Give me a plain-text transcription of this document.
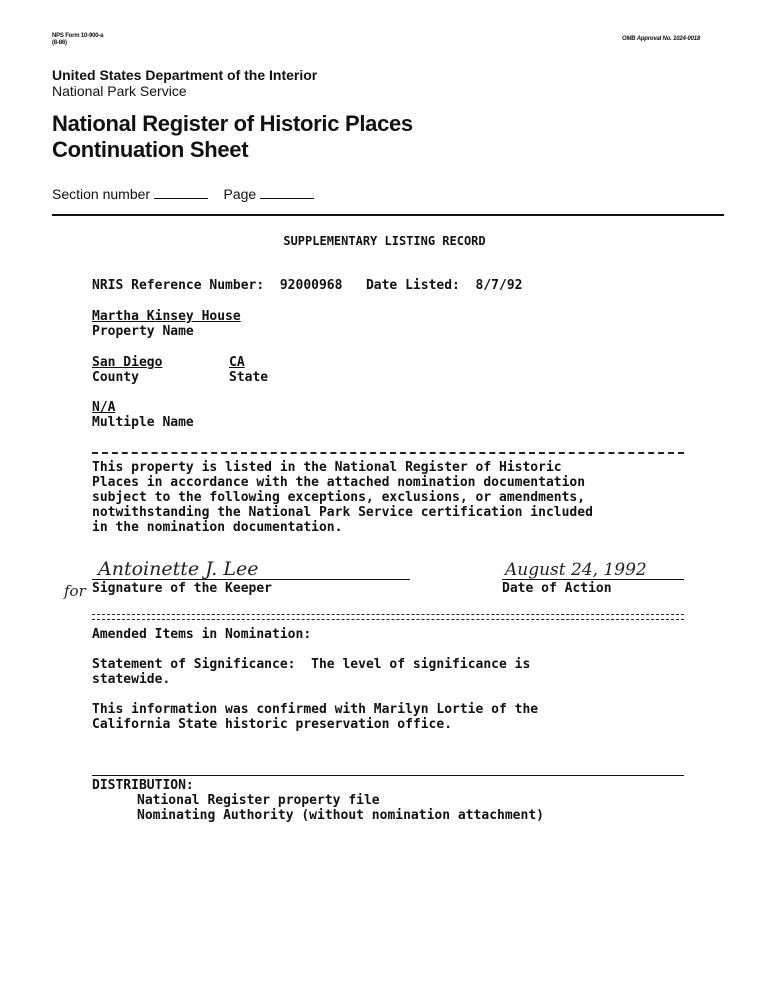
NPS Form 10-900-a
(8-86)
OMB Approval No. 1024-0018
United States Department of the Interior
National Park Service
National Register of Historic Places
Continuation Sheet
Section number	Page
SUPPLEMENTARY LISTING RECORD
NRIS Reference Number: 92000968 Date Listed: 8/7/92
Martha Kinsey House
Property Name
San Diego	CA
County	State
N/A
Multiple Name
This property is listed in the National Register of Historic
Places in accordance with the attached nomination documentation
subject to the following exceptions, exclusions, or amendments,
notwithstanding the National Park Service certification included
in the nomination documentation.
Antoinette J. Lee
for Signature of the Keeper
August 24, 1992
Date of Action
Amended Items in Nomination:
Statement of Significance: The level of significance is
statewide.
This information was confirmed with Marilyn Lortie of the
California State historic preservation office.
DISTRIBUTION:
National Register property file
Nominating Authority (without nomination attachment)
